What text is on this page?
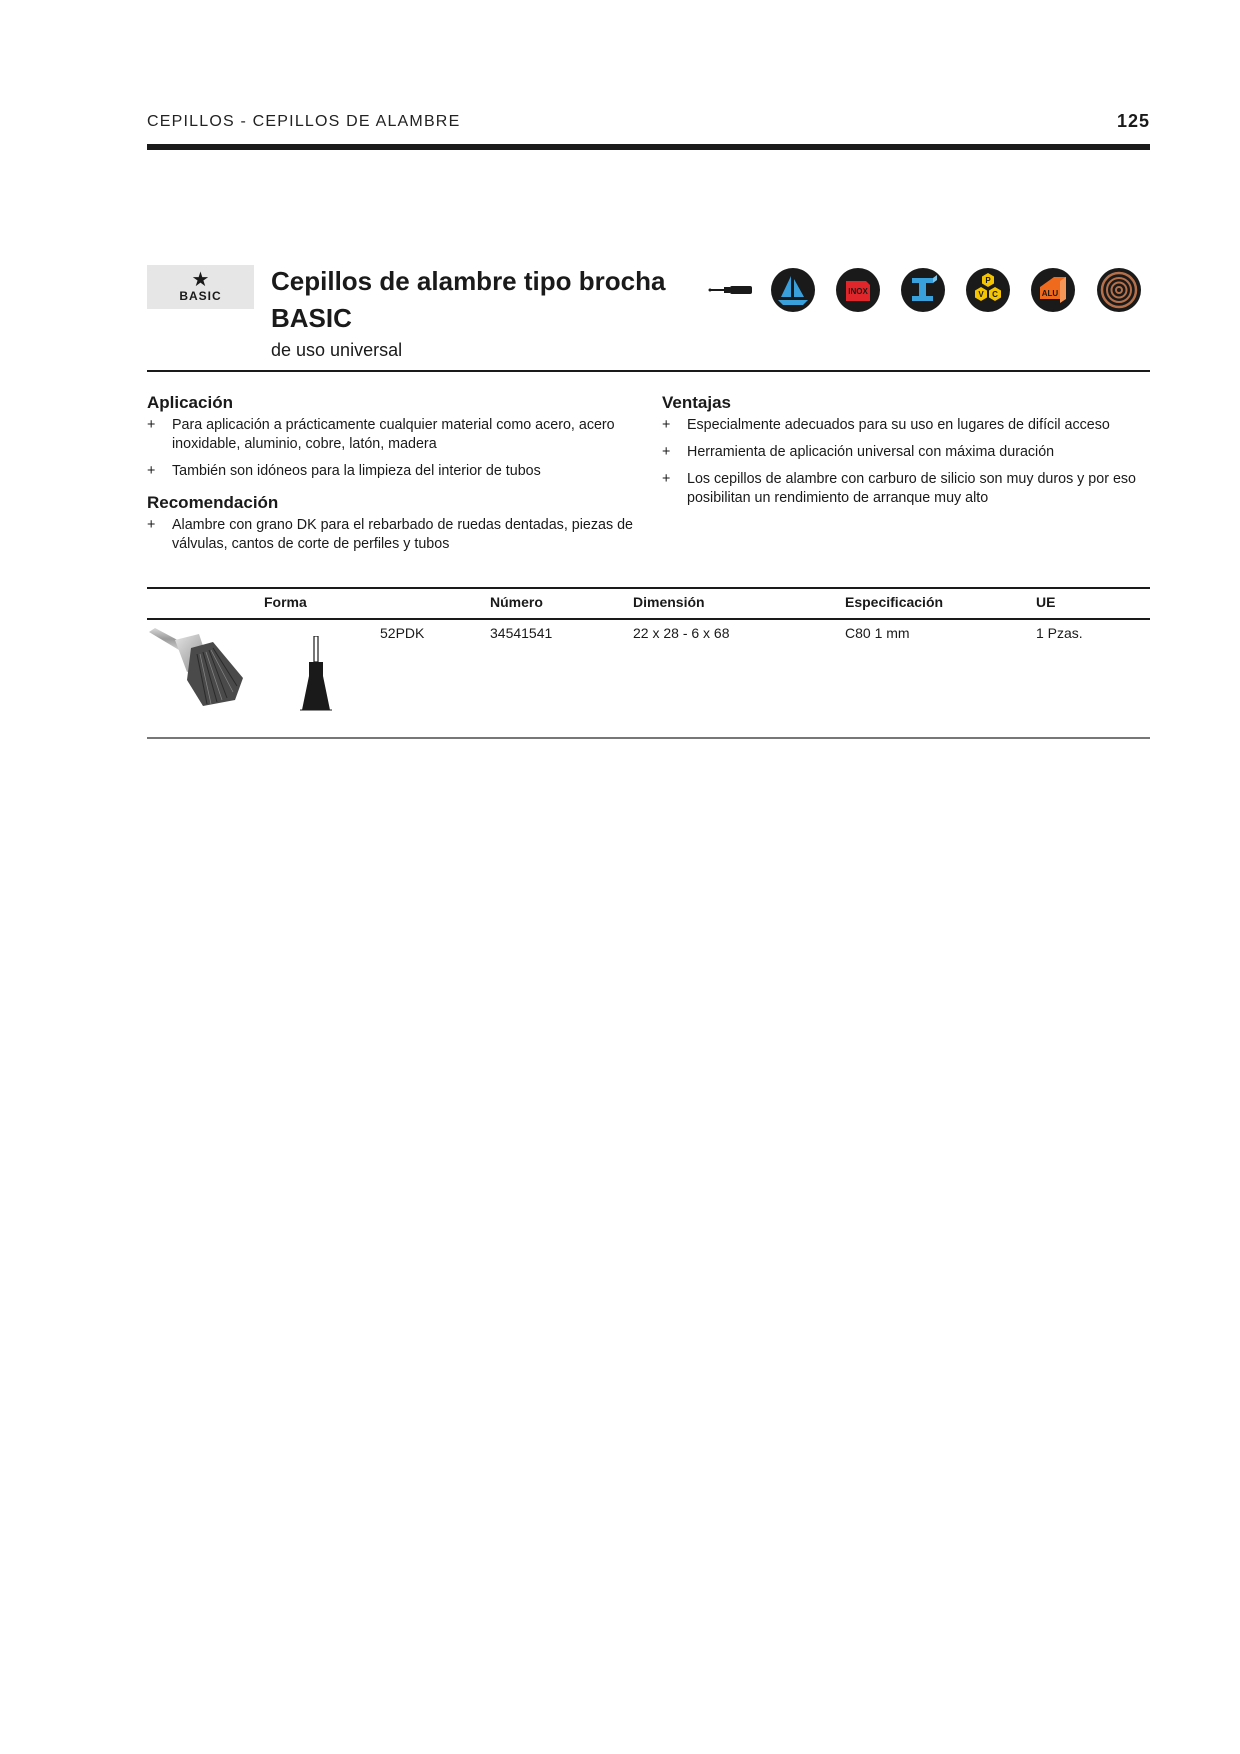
CEPILLOS - CEPILLOS DE ALAMBRE	125
★
BASIC Cepillos de alambre tipo brocha
BASIC
de uso universal
INOX
P
V C	ALU
Aplicación
+ Para aplicación a prácticamente cualquier material como acero, acero inoxidable, aluminio, cobre, latón, madera
+ También son idóneos para la limpieza del interior de tubos
Recomendación
+ Alambre con grano DK para el rebarbado de ruedas dentadas, piezas de válvulas, cantos de corte de perfiles y tubos
Ventajas
+ Especialmente adecuados para su uso en lugares de difícil acceso
+ Herramienta de aplicación universal con máxima duración
+ Los cepillos de alambre con carburo de silicio son muy duros y por eso posibilitan un rendimiento de arranque muy alto
Forma	Número	Dimensión	Especificación	UE
52PDK	34541541	22 x 28 - 6 x 68	C80 1 mm	1 Pzas.
